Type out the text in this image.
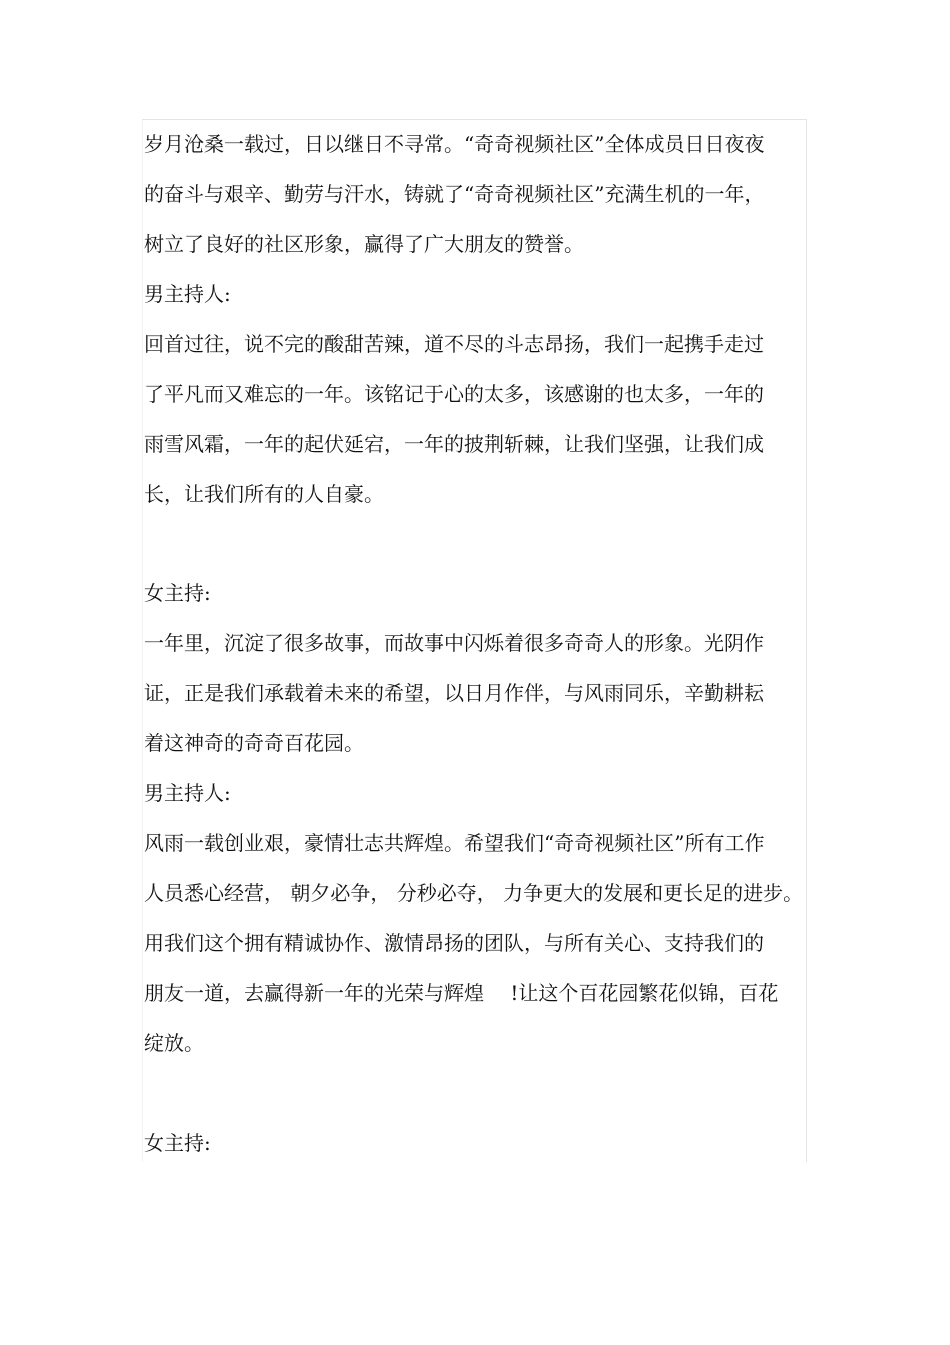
岁月沧桑一载过，日以继日不寻常。“奇奇视频社区”全体成员日日夜夜
的奋斗与艰辛、勤劳与汗水，铸就了“奇奇视频社区”充满生机的一年，
树立了良好的社区形象，赢得了广大朋友的赞誉。
男主持人:
回首过往，说不完的酸甜苦辣，道不尽的斗志昂扬，我们一起携手走过
了平凡而又难忘的一年。该铭记于心的太多，该感谢的也太多，一年的
雨雪风霜，一年的起伏延宕，一年的披荆斩棘，让我们坚强，让我们成
长，让我们所有的人自豪。
女主持:
一年里，沉淀了很多故事，而故事中闪烁着很多奇奇人的形象。光阴作
证，正是我们承载着未来的希望，以日月作伴，与风雨同乐，辛勤耕耘
着这神奇的奇奇百花园。
男主持人:
风雨一载创业艰，豪情壮志共辉煌。希望我们“奇奇视频社区”所有工作
人员悉心经营， 朝夕必争， 分秒必夺， 力争更大的发展和更长足的进步。
用我们这个拥有精诚协作、激情昂扬的团队，与所有关心、支持我们的
朋友一道，去赢得新一年的光荣与辉煌　 !让这个百花园繁花似锦，百花
绽放。
女主持:
